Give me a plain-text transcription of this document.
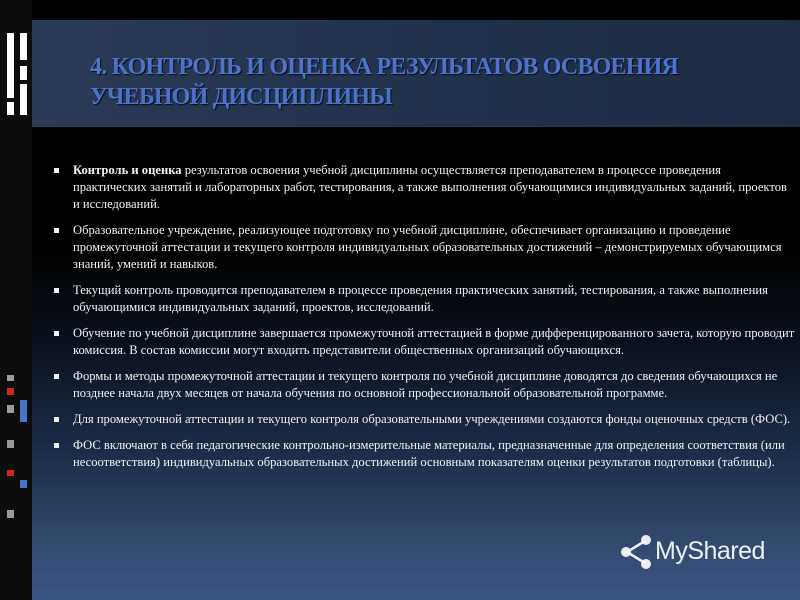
4. КОНТРОЛЬ И ОЦЕНКА РЕЗУЛЬТАТОВ ОСВОЕНИЯ УЧЕБНОЙ ДИСЦИПЛИНЫ
Контроль и оценка результатов освоения учебной дисциплины осуществляется преподавателем в процессе проведения практических занятий и лабораторных работ, тестирования, а также выполнения обучающимися индивидуальных заданий, проектов и исследований.
Образовательное учреждение, реализующее подготовку по учебной дисциплине, обеспечивает организацию и проведение промежуточной аттестации и текущего контроля индивидуальных образовательных достижений – демонстрируемых обучающимся знаний, умений и навыков.
Текущий контроль проводится преподавателем в процессе проведения практических занятий, тестирования, а также выполнения обучающимися индивидуальных заданий, проектов, исследований.
Обучение по учебной дисциплине завершается промежуточной аттестацией в форме дифференцированного зачета, которую проводит комиссия. В состав комиссии могут входить представители общественных организаций обучающихся.
Формы и методы промежуточной аттестации и текущего контроля по учебной дисциплине доводятся до сведения обучающихся не позднее начала двух месяцев от начала обучения по основной профессиональной образовательной программе.
Для промежуточной аттестации и текущего контроля образовательными учреждениями создаются фонды оценочных средств (ФОС).
ФОС включают в себя педагогические контрольно-измерительные материалы, предназначенные для определения соответствия (или несоответствия) индивидуальных образовательных достижений основным показателям оценки результатов подготовки (таблицы).
MyShared
